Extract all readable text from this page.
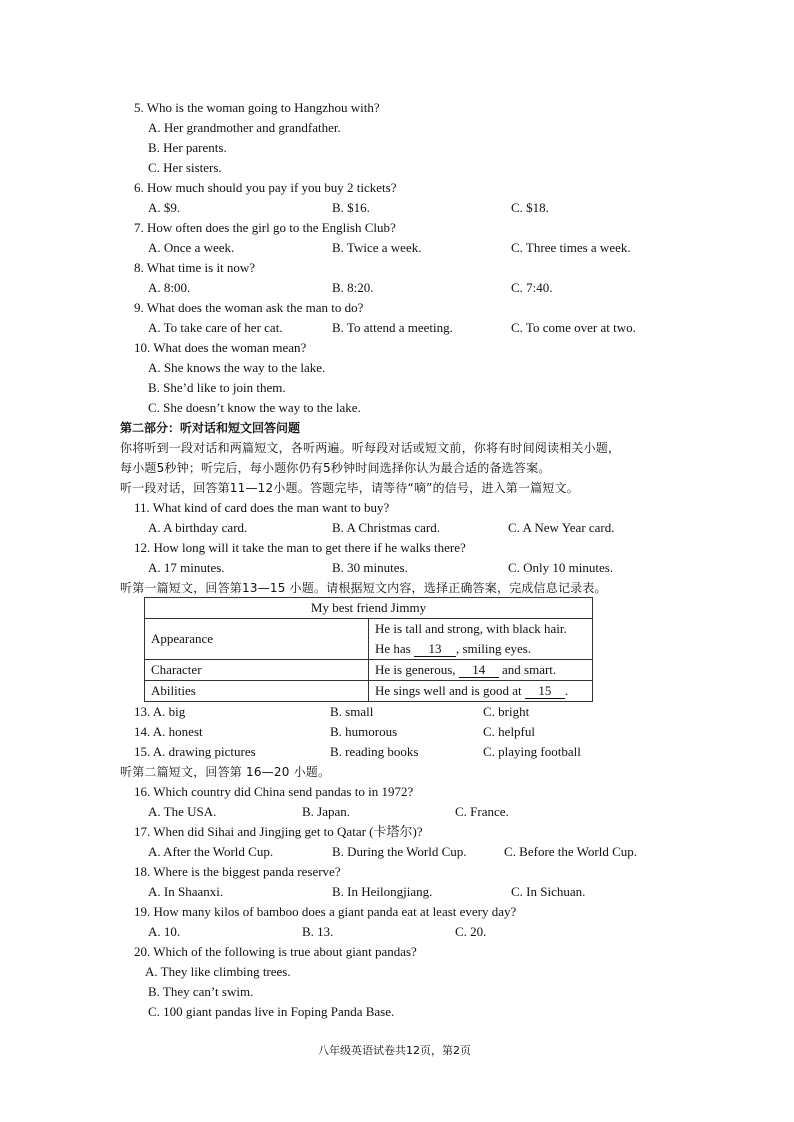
5. Who is the woman going to Hangzhou with?
A. Her grandmother and grandfather.
B. Her parents.
C. Her sisters.
6. How much should you pay if you buy 2 tickets?
A. $9.	B. $16.	C. $18.
7. How often does the girl go to the English Club?
A. Once a week.	B. Twice a week.	C. Three times a week.
8. What time is it now?
A. 8:00.	B. 8:20.	C. 7:40.
9. What does the woman ask the man to do?
A. To take care of her cat.	B. To attend a meeting.	C. To come over at two.
10. What does the woman mean?
A. She knows the way to the lake.
B. She’d like to join them.
C. She doesn’t know the way to the lake.
第二部分：听对话和短文回答问题
你将听到一段对话和两篇短文，各听两遍。听每段对话或短文前，你将有时间阅读相关小题，
每小题5秒钟；听完后，每小题你仍有5秒钟时间选择你认为最合适的备选答案。
听一段对话，回答第11—12小题。答题完毕，请等待“嘀”的信号，进入第一篇短文。
11. What kind of card does the man want to buy?
A. A birthday card.	B. A Christmas card.	C. A New Year card.
12. How long will it take the man to get there if he walks there?
A. 17 minutes.	B. 30 minutes.	C. Only 10 minutes.
听第一篇短文，回答第13—15 小题。请根据短文内容，选择正确答案，完成信息记录表。
My best friend Jimmy	
Appearance	He is tall and strong, with black hair.
He has 13 , smiling eyes.

Character	He is generous, 14 and smart.
Abilities	He sings well and is good at 15 .
13. A. big	B. small	C. bright
14. A. honest	B. humorous	C. helpful
15. A. drawing pictures	B. reading books	C. playing football
听第二篇短文，回答第 16—20 小题。
16. Which country did China send pandas to in 1972?
A. The USA.	B. Japan.	C. France.
17. When did Sihai and Jingjing get to Qatar (卡塔尔)?
A. After the World Cup.	B. During the World Cup.	C. Before the World Cup.
18. Where is the biggest panda reserve?
A. In Shaanxi.	B. In Heilongjiang.	C. In Sichuan.
19. How many kilos of bamboo does a giant panda eat at least every day?
A. 10.	B. 13.	C. 20.
20. Which of the following is true about giant pandas?
A. They like climbing trees.
B. They can’t swim.
C. 100 giant pandas live in Foping Panda Base.
八年级英语试卷共12页，第2页
